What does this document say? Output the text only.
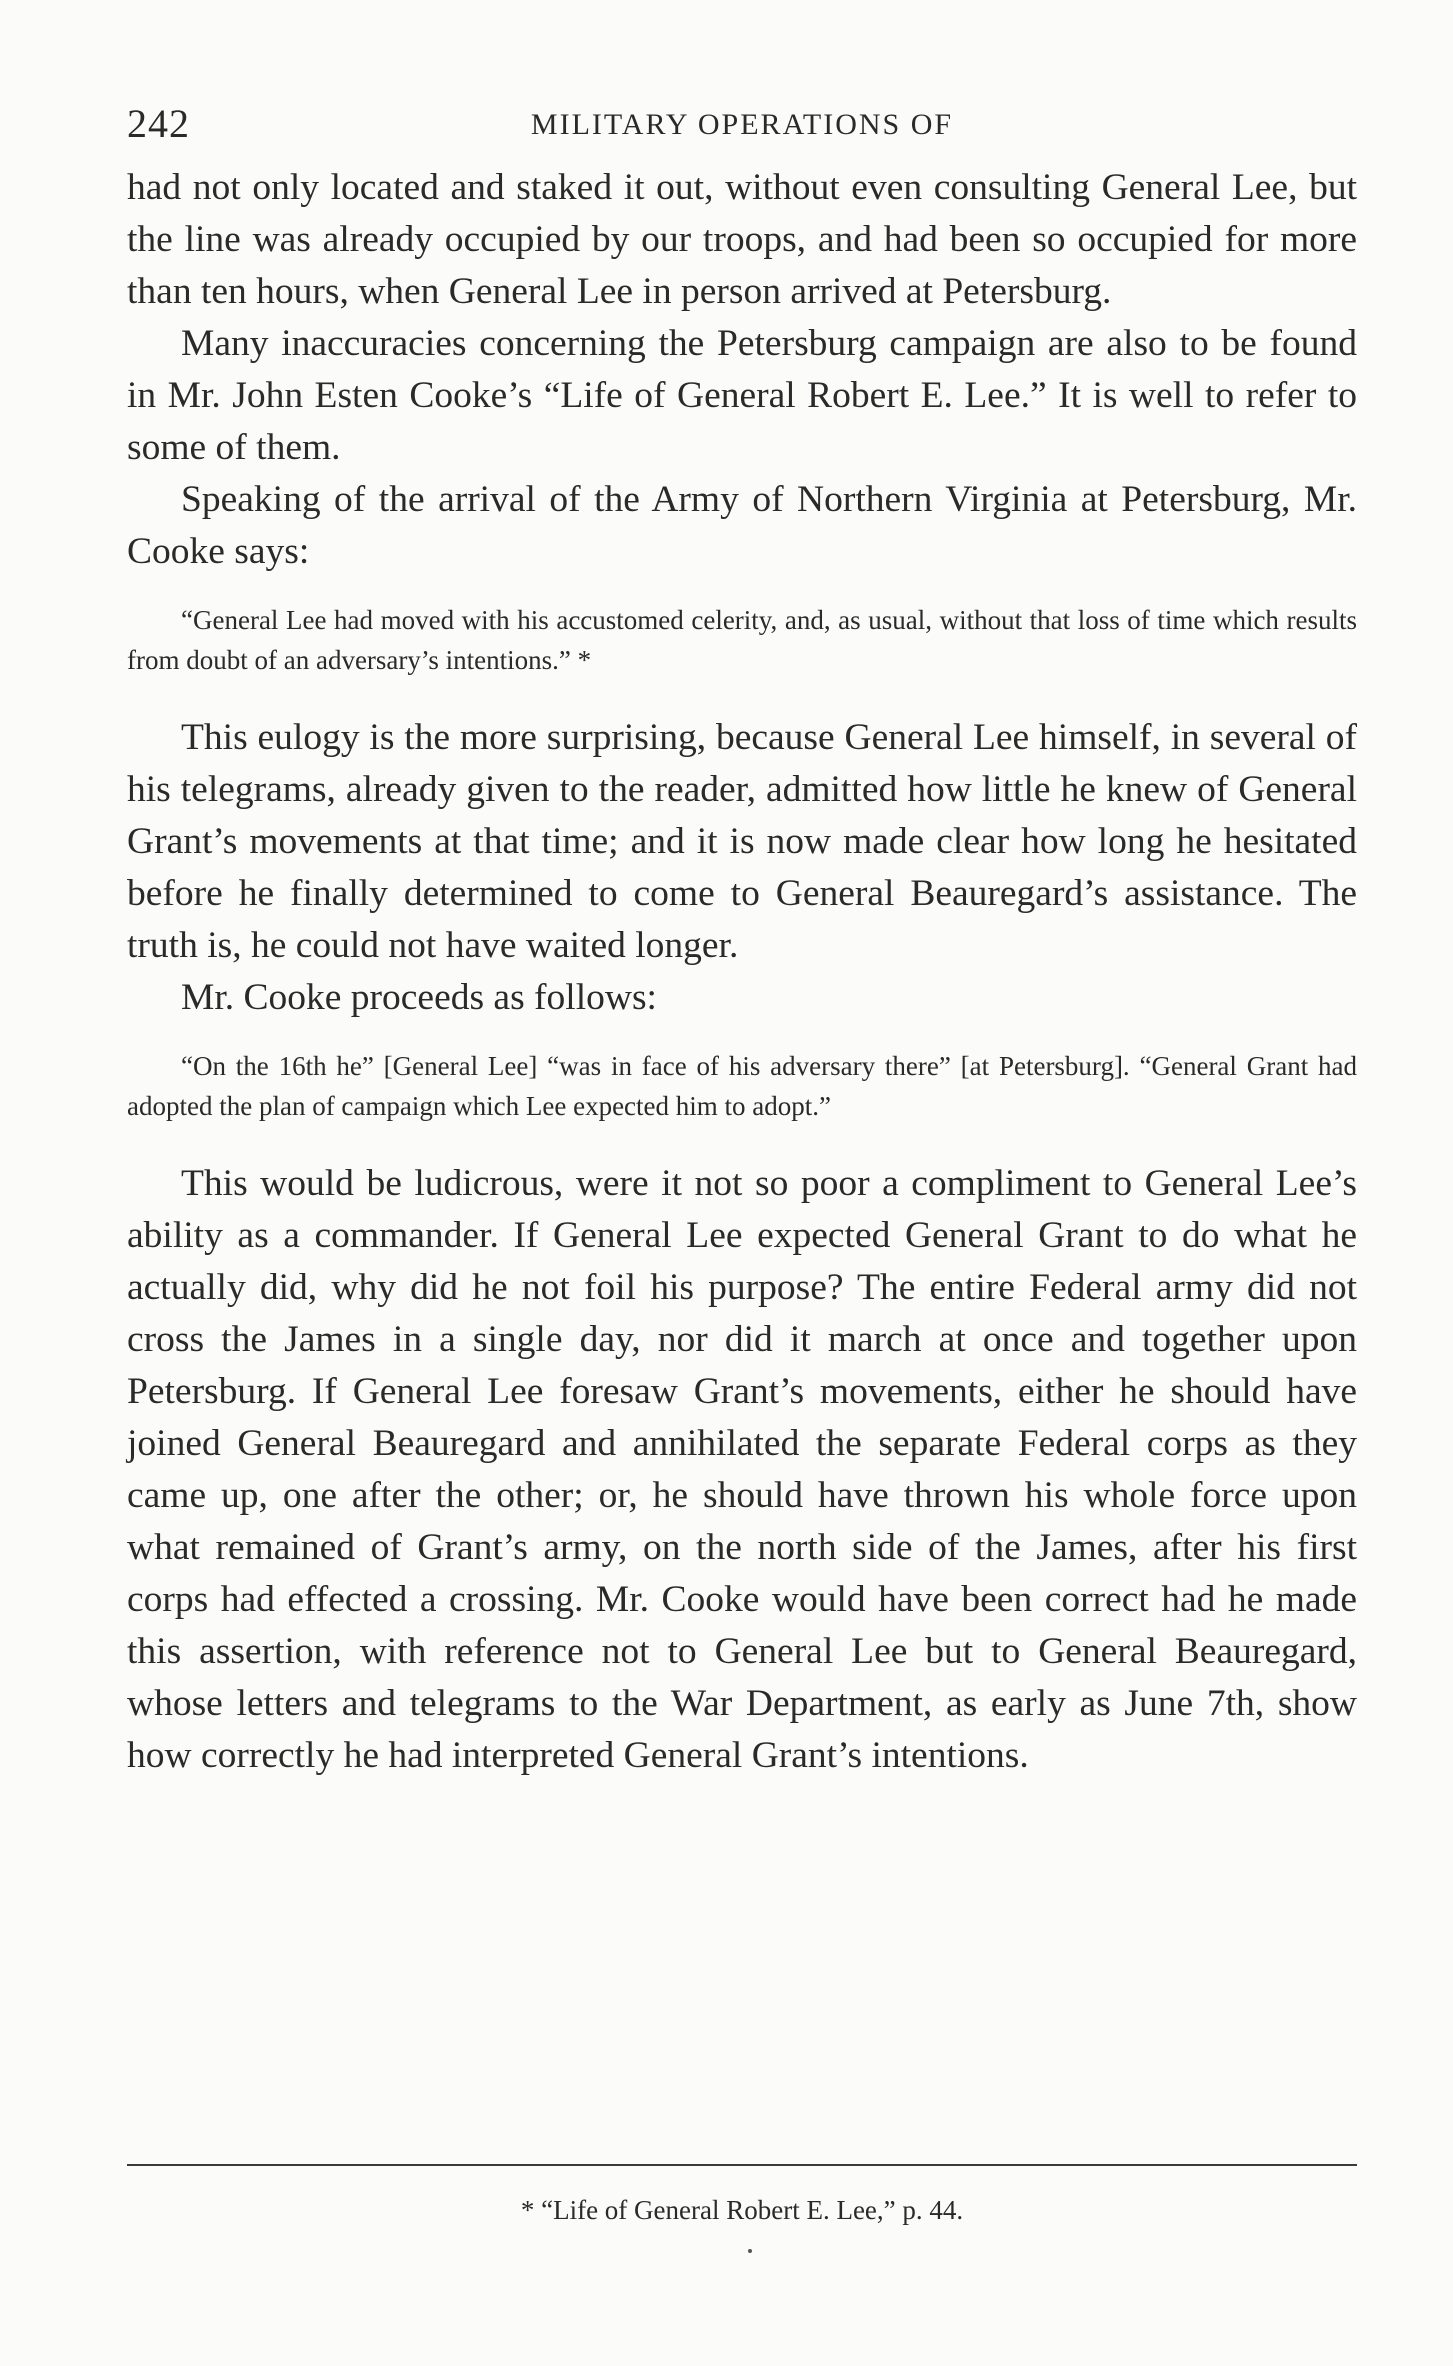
242	MILITARY OPERATIONS OF

had not only located and staked it out, without even consulting General Lee, but the line was already occupied by our troops, and had been so occupied for more than ten hours, when General Lee in person arrived at Petersburg.

Many inaccuracies concerning the Petersburg campaign are also to be found in Mr. John Esten Cooke’s “Life of General Robert E. Lee.” It is well to refer to some of them.

Speaking of the arrival of the Army of Northern Virginia at Petersburg, Mr. Cooke says:

“General Lee had moved with his accustomed celerity, and, as usual, without that loss of time which results from doubt of an adversary’s intentions.” *

This eulogy is the more surprising, because General Lee himself, in several of his telegrams, already given to the reader, admitted how little he knew of General Grant’s movements at that time; and it is now made clear how long he hesitated before he finally determined to come to General Beauregard’s assistance. The truth is, he could not have waited longer.

Mr. Cooke proceeds as follows:

“On the 16th he” [General Lee] “was in face of his adversary there” [at Petersburg]. “General Grant had adopted the plan of campaign which Lee expected him to adopt.”

This would be ludicrous, were it not so poor a compliment to General Lee’s ability as a commander. If General Lee expected General Grant to do what he actually did, why did he not foil his purpose? The entire Federal army did not cross the James in a single day, nor did it march at once and together upon Petersburg. If General Lee foresaw Grant’s movements, either he should have joined General Beauregard and annihilated the separate Federal corps as they came up, one after the other; or, he should have thrown his whole force upon what remained of Grant’s army, on the north side of the James, after his first corps had effected a crossing. Mr. Cooke would have been correct had he made this assertion, with reference not to General Lee but to General Beauregard, whose letters and telegrams to the War Department, as early as June 7th, show how correctly he had interpreted General Grant’s intentions.

* “Life of General Robert E. Lee,” p. 44.
